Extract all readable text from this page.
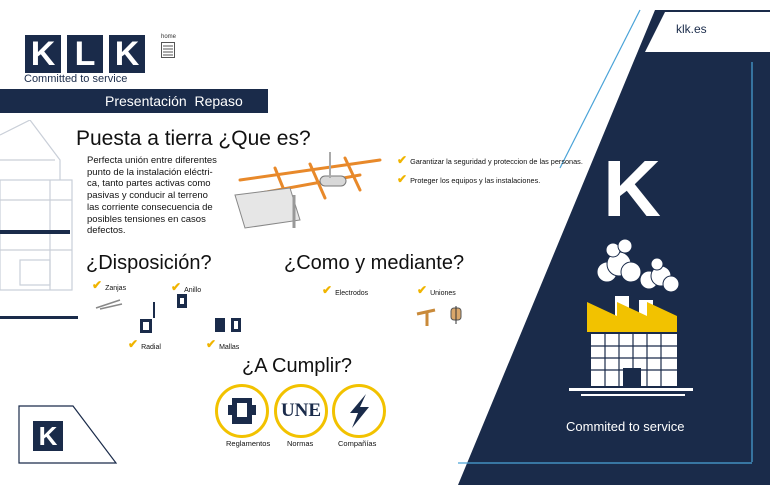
klk.es
K L K
Committed to service
home
Presentación  Repaso
Puesta a tierra ¿Que es?
Perfecta unión entre diferentes
punto de la instalación eléctri-
ca, tanto partes activas como
pasivas y conducir al terreno
las corriente consecuencia de
posibles tensiones en casos
defectos.
✔ Garantizar la seguridad y proteccion de las personas.
✔ Proteger los equipos y las instalaciones.
¿Disposición?
✔ Zanjas	✔ Anillo
✔ Radial	✔ Mallas
¿Como y mediante?
✔ Electrodos	✔ Uniones
¿A Cumplir?
Reglamentos
UNE
Normas	Compañías
K
K
Commited to service
